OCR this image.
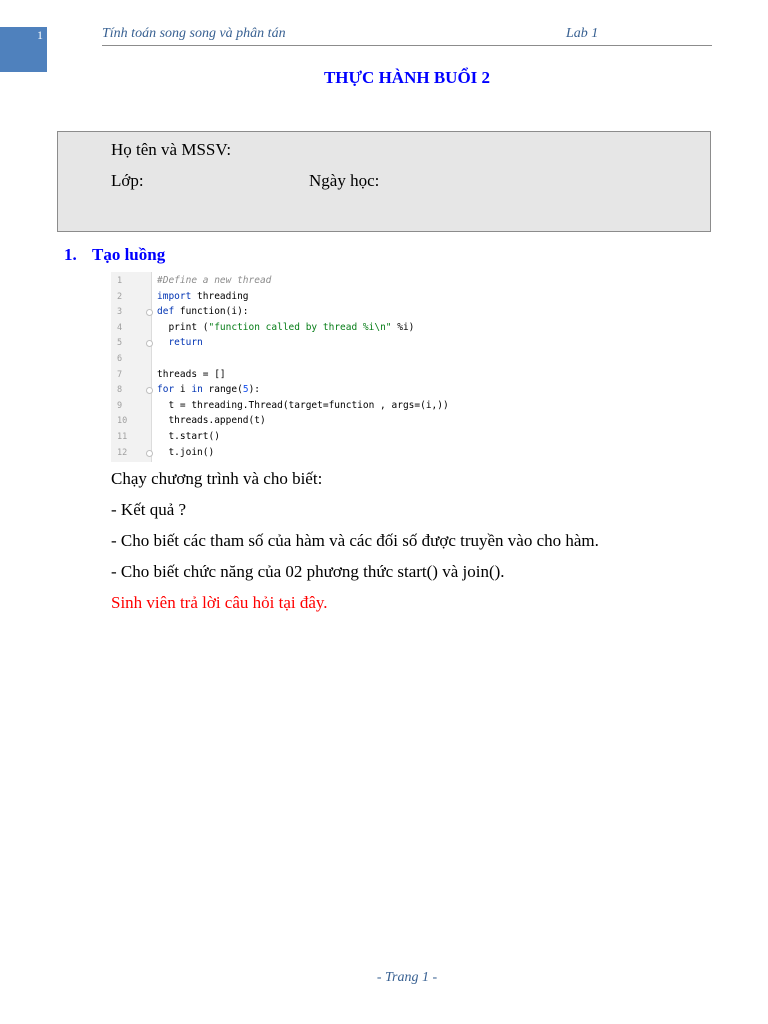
1	Tính toán song song và phân tán	Lab 1
THỰC HÀNH BUỔI 2
Họ tên và MSSV:
Lớp:	Ngày học:
1. Tạo luồng
1	#Define a new thread
2	import threading
3	def function(i):
4	print ("function called by thread %i\n" %i)
5	return
6
7	threads = []
8	for i in range(5):
9	t = threading.Thread(target=function , args=(i,))
10	threads.append(t)
11	t.start()
12	t.join()
Chạy chương trình và cho biết:
- Kết quả ?
- Cho biết các tham số của hàm và các đối số được truyền vào cho hàm.
- Cho biết chức năng của 02 phương thức start() và join().
Sinh viên trả lời câu hỏi tại đây.
- Trang 1 -
